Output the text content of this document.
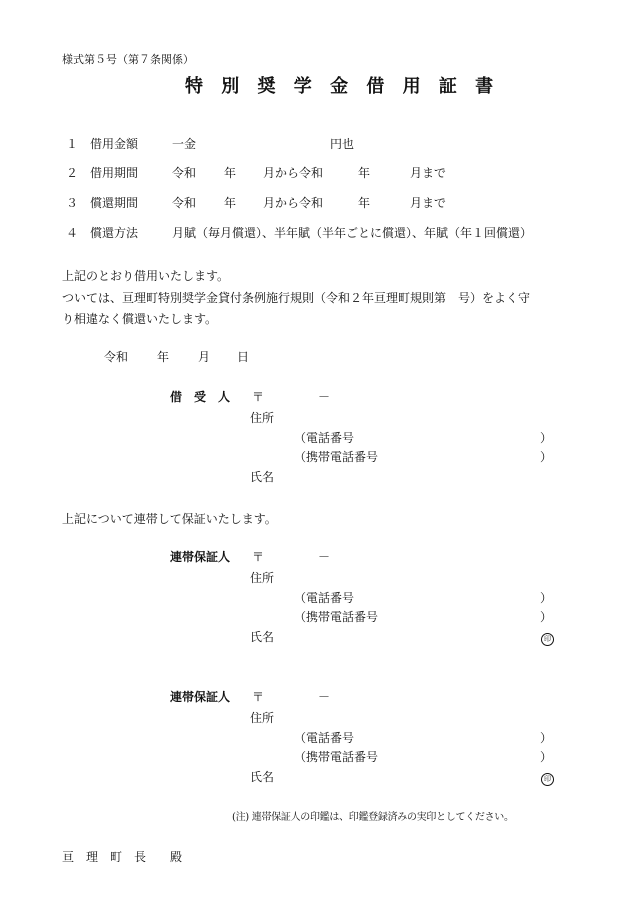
様式第５号（第７条関係）
特 別 奨 学 金 借 用 証 書
１ 借用金額	一金	円也
２ 借用期間	令和 年 月から令和	年	月まで
３ 償還期間	令和 年 月から令和	年	月まで
４ 償還方法	月賦（毎月償還）、半年賦（半年ごとに償還）、年賦（年１回償還）
上記のとおり借用いたします。
ついては、亘理町特別奨学金貸付条例施行規則（令和２年亘理町規則第　号）をよく守
り相違なく償還いたします。
令和 年 月 日
借　受　人 〒	－
住所
（電話番号	）
（携帯電話番号	）
氏名
上記について連帯して保証いたします。
連帯保証人 〒	－
住所
（電話番号	）
（携帯電話番号	）
氏名	印
連帯保証人 〒	－
住所
（電話番号	）
（携帯電話番号	）
氏名	印
(注) 連帯保証人の印鑑は、印鑑登録済みの実印としてください。
亘　理　町　長　　殿
